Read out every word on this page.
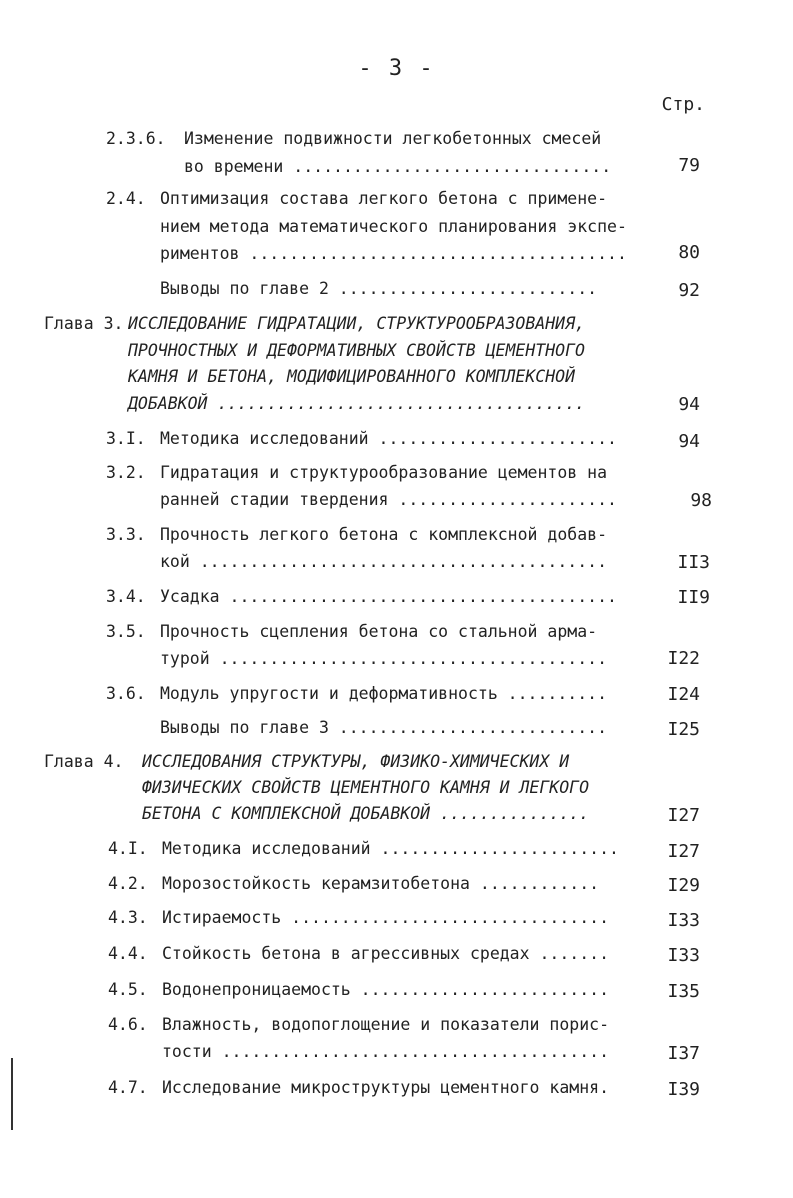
- 3 -
Стр.
2.3.6. Изменение подвижности легкобетонных смесей
во времени ................................	79
2.4. Оптимизация состава легкого бетона с примене-
нием метода математического планирования экспе-
риментов ......................................	80
Выводы по главе 2 ..........................	92
Глава 3. ИССЛЕДОВАНИЕ ГИДРАТАЦИИ, СТРУКТУРООБРАЗОВАНИЯ,
ПРОЧНОСТНЫХ И ДЕФОРМАТИВНЫХ СВОЙСТВ ЦЕМЕНТНОГО
КАМНЯ И БЕТОНА, МОДИФИЦИРОВАННОГО КОМПЛЕКСНОЙ
ДОБАВКОЙ .....................................	94
3.I. Методика исследований ........................	94
3.2. Гидратация и структурообразование цементов на
ранней стадии твердения ......................	98
3.3. Прочность легкого бетона с комплексной добав-
кой .........................................	II3
3.4. Усадка .......................................	II9
3.5. Прочность сцепления бетона со стальной арма-
турой .......................................	I22
3.6. Модуль упругости и деформативность ..........	I24
Выводы по главе 3 ...........................	I25
Глава 4. ИССЛЕДОВАНИЯ СТРУКТУРЫ, ФИЗИКО-ХИМИЧЕСКИХ И
ФИЗИЧЕСКИХ СВОЙСТВ ЦЕМЕНТНОГО КАМНЯ И ЛЕГКОГО
БЕТОНА С КОМПЛЕКСНОЙ ДОБАВКОЙ ...............	I27
4.I. Методика исследований ........................	I27
4.2. Морозостойкость керамзитобетона ............	I29
4.3. Истираемость ................................	I33
4.4. Стойкость бетона в агрессивных средах .......	I33
4.5. Водонепроницаемость .........................	I35
4.6. Влажность, водопоглощение и показатели порис-
тости .......................................	I37
4.7. Исследование микроструктуры цементного камня.	I39
